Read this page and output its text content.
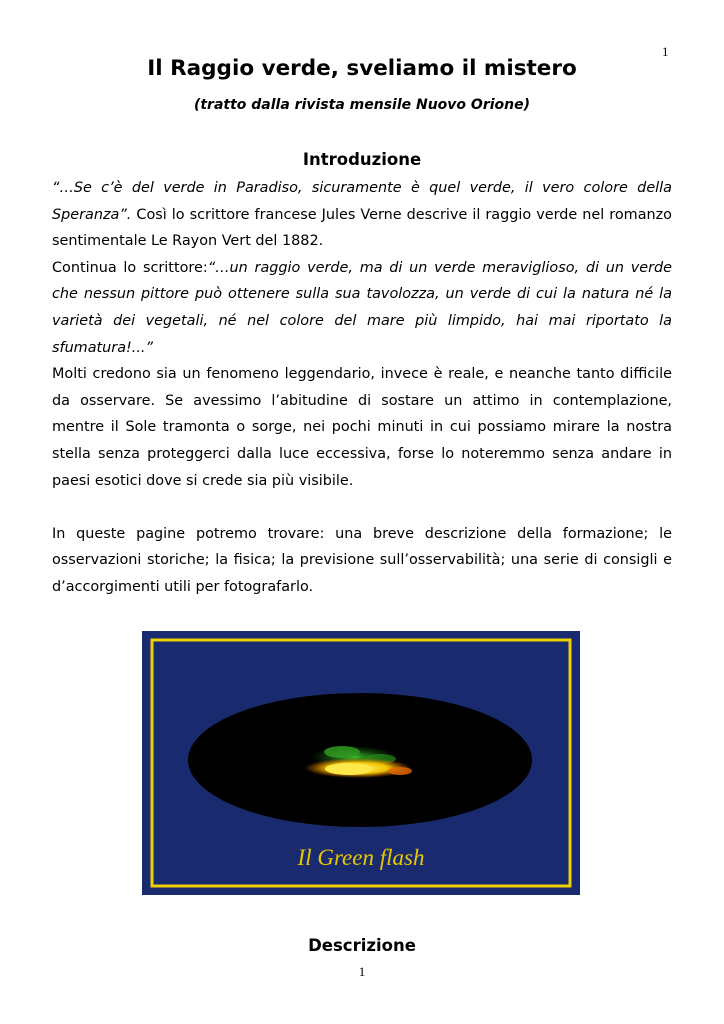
1
Il Raggio verde, sveliamo il mistero

(tratto dalla rivista mensile Nuovo Orione)

Introduzione

“…Se c’è del verde in Paradiso, sicuramente è quel verde, il vero colore della Speranza”. Così lo scrittore francese Jules Verne descrive il raggio verde nel romanzo sentimentale Le Rayon Vert del 1882.

Continua lo scrittore:“…un raggio verde, ma di un verde meraviglioso, di un verde che nessun pittore può ottenere sulla sua tavolozza, un verde di cui la natura né la varietà dei vegetali, né nel colore del mare più limpido, hai mai riportato la sfumatura!...”

Molti credono sia un fenomeno leggendario, invece è reale, e neanche tanto difficile da osservare. Se avessimo l’abitudine di sostare un attimo in contemplazione, mentre il Sole tramonta o sorge, nei pochi minuti in cui possiamo mirare la nostra stella senza proteggerci dalla luce eccessiva, forse lo noteremmo senza andare in paesi esotici dove si crede sia più visibile.

In queste pagine potremo trovare: una breve descrizione della formazione; le osservazioni storiche; la fisica; la previsione sull’osservabilità; una serie di consigli e d’accorgimenti utili per fotografarlo.

Il Green flash
Descrizione
1
